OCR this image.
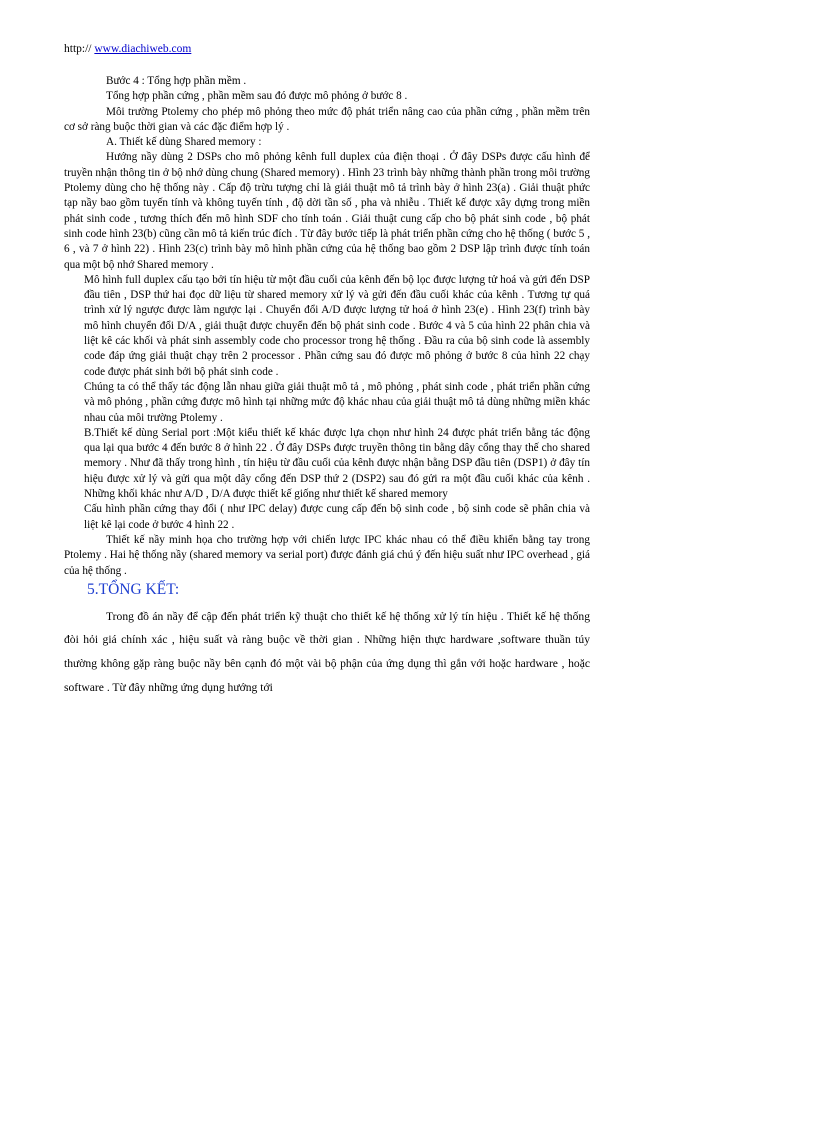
http:// www.diachiweb.com

Bước 4 : Tổng hợp phần mềm .

Tổng hợp phần cứng , phần mềm sau đó được mô phỏng ở bước 8 .

Môi trường Ptolemy cho phép mô phỏng theo mức độ phát triển nâng cao của phần cứng , phần mềm trên cơ sở ràng buộc thời gian và các đặc điểm hợp lý .

A. Thiết kế dùng Shared memory :

Hướng nầy dùng 2 DSPs cho mô phỏng kênh full duplex của điện thoại . Ở đây DSPs được cấu hình để truyền nhận thông tin ở bộ nhớ dùng chung (Shared memory) . Hình 23 trình bày những thành phần trong môi trường Ptolemy dùng cho hệ thống này . Cấp độ trừu tượng chỉ là giải thuật mô tả trình bày ở hình 23(a) . Giải thuật phức tạp nầy bao gồm tuyến tính và không tuyến tính , độ dời tần số , pha và nhiễu . Thiết kế được xây dựng trong miền phát sinh code , tương thích đến mô hình SDF cho tính toán . Giải thuật cung cấp cho bộ phát sinh code , bộ phát sinh code hình 23(b) cũng cần mô tả kiến trúc đích . Từ đây bước tiếp là phát triển phần cứng cho hệ thống ( bước 5 , 6 , và 7 ở hình 22) . Hình 23(c) trình bày mô hình phần cứng của hệ thống bao gồm 2 DSP lập trình được tính toán qua một bộ nhớ Shared memory .

Mô hình full duplex cấu tạo bởi tín hiệu từ một đầu cuối của kênh đến bộ lọc được lượng tử hoá và gửi đến DSP đầu tiên , DSP thứ hai đọc dữ liệu từ shared memory xử lý và gửi đến đầu cuối khác của kênh . Tương tự quá trình xử lý ngược được làm ngược lại . Chuyển đổi A/D được lượng tử hoá ở hình 23(e) . Hình 23(f) trình bày mô hình chuyển đổi D/A , giải thuật được chuyển đến bộ phát sinh code . Bước 4 và 5 của hình 22 phân chia và liệt kê các khối và phát sinh assembly code cho processor trong hệ thống . Đầu ra của bộ sinh code là assembly code đáp ứng giải thuật chạy trên 2 processor . Phần cứng sau đó được mô phỏng ở bước 8 của hình 22 chạy code được phát sinh bởi bộ phát sinh code .

Chúng ta có thể thấy tác động lẫn nhau giữa giải thuật mô tả , mô phỏng , phát sinh code , phát triển phần cứng và mô phỏng , phần cứng được mô hình tại những mức độ khác nhau của giải thuật mô tả dùng những miền khác nhau của môi trường Ptolemy .

B.Thiết kế dùng Serial port :Một kiểu thiết kế khác được lựa chọn như hình 24 được phát triển bằng tác động qua lại qua bước 4 đến bước 8 ở hình 22 . Ở đây DSPs được truyền thông tin bằng dây cổng thay thế cho shared memory . Như đã thấy trong hình , tín hiệu từ đầu cuối của kênh được nhận bằng DSP đầu tiên (DSP1) ở đây tín hiệu được xử lý và gửi qua một dây cổng đến DSP thứ 2 (DSP2) sau đó gửi ra một đầu cuối khác của kênh . Những khối khác như A/D , D/A được thiết kế giống như thiết kế shared memory

Cấu hình phần cứng thay đổi ( như IPC delay) được cung cấp đến bộ sinh code , bộ sinh code sẽ phân chia và liệt kê lại code ở bước 4 hình 22 .

Thiết kế nầy minh họa cho trường hợp với chiến lược IPC khác nhau có thể điều khiển bằng tay trong Ptolemy . Hai hệ thống nầy (shared memory va serial port) được đánh giá chú ý đến hiệu suất như IPC overhead , giá của hệ thống .

5.TỔNG KẾT:

Trong đồ án nầy để cập đến phát triển kỹ thuật cho thiết kế hệ thống xử lý tín hiệu . Thiết kế hệ thống đòi hỏi giá chính xác , hiệu suất và ràng buộc về thời gian . Những hiện thực hardware ,software thuần túy thường không gặp ràng buộc nầy bên cạnh đó một vài bộ phận của ứng dụng thì gắn với hoặc hardware , hoặc software . Từ đây những ứng dụng hướng tới
